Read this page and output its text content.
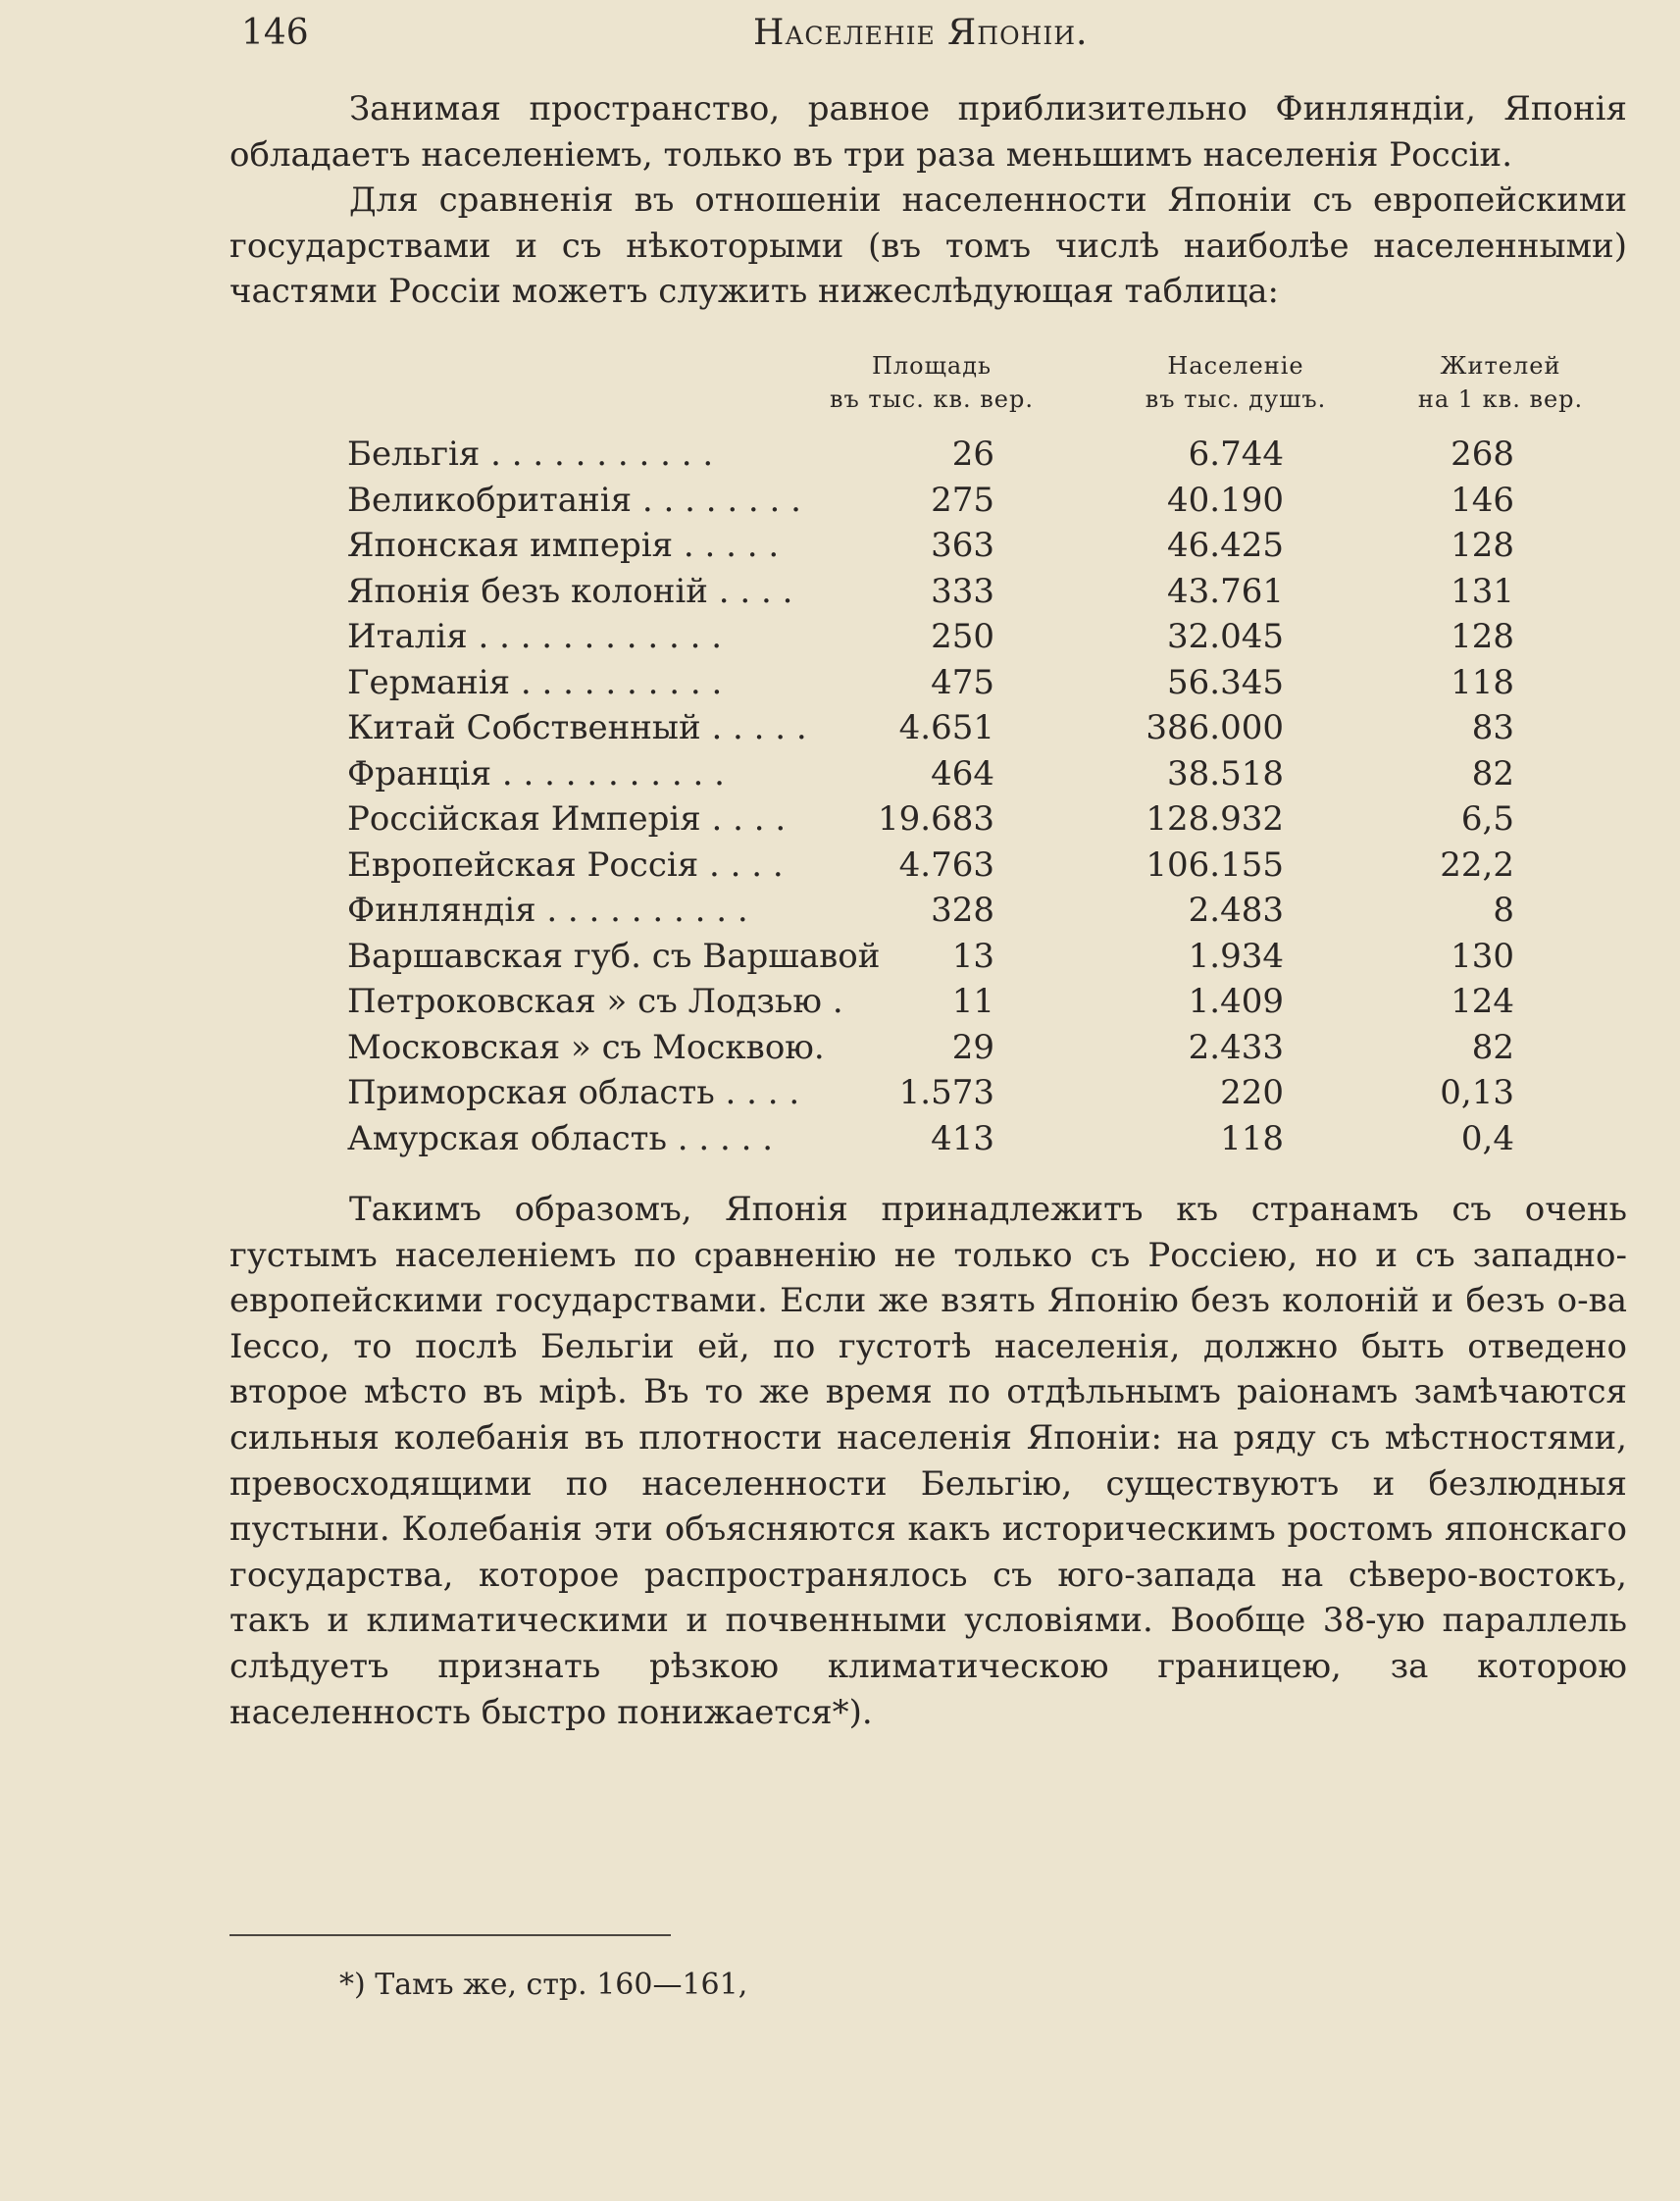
146	Населенiе Японiи.

Занимая пространство, равное приблизительно Финляндiи, Японiя обладаетъ населенiемъ, только въ три раза меньшимъ населенiя Россiи.

Для сравненiя въ отношенiи населенности Японiи съ европейскими государствами и съ нѣкоторыми (въ томъ числѣ наиболѣе населенными) частями Россiи можетъ служить нижеслѣдующая таблица:

Площадь
въ тыс. кв. вер.
Населенiе
въ тыс. душъ.
Жителей
на 1 кв. вер.
Бельгiя . . . . . . . . . . .	26	6.744	268
Великобританiя . . . . . . . .	275	40.190	146
Японская имперiя . . . . .	363	46.425	128
Японiя безъ колонiй . . . .	333	43.761	131
Италiя . . . . . . . . . . . .	250	32.045	128
Германiя . . . . . . . . . .	475	56.345	118
Китай Собственный . . . . .	4.651	386.000	83
Францiя . . . . . . . . . . .	464	38.518	82
Россiйская Имперiя . . . .	19.683	128.932	6,5
Европейская Россiя . . . .	4.763	106.155	22,2
Финляндiя . . . . . . . . . .	328	2.483	8
Варшавская губ. съ Варшавой	13	1.934	130
Петроковская » съ Лодзью .	11	1.409	124
Московская » съ Москвою.	29	2.433	82
Приморская область . . . .	1.573	220	0,13
Амурская область . . . . .	413	118	0,4

Такимъ образомъ, Японiя принадлежитъ къ странамъ съ очень густымъ населенiемъ по сравненiю не только съ Россiею, но и съ западно-европейскими государствами. Если же взять Японiю безъ колонiй и безъ о-ва Iессо, то послѣ Бельгiи ей, по густотѣ населенiя, должно быть отведено второе мѣсто въ мiрѣ. Въ то же время по отдѣльнымъ раiонамъ замѣчаются сильныя колебанiя въ плотности населенiя Японiи: на ряду съ мѣстностями, превосходящими по населенности Бельгiю, существуютъ и безлюдныя пустыни. Колебанiя эти объясняются какъ историческимъ ростомъ японскаго государства, которое распространялось съ юго-запада на сѣверо-востокъ, такъ и климатическими и почвенными условiями. Вообще 38-ую параллель слѣдуетъ признать рѣзкою климатическою границею, за которою населенность быстро понижается*).

*) Тамъ же, стр. 160—161,
